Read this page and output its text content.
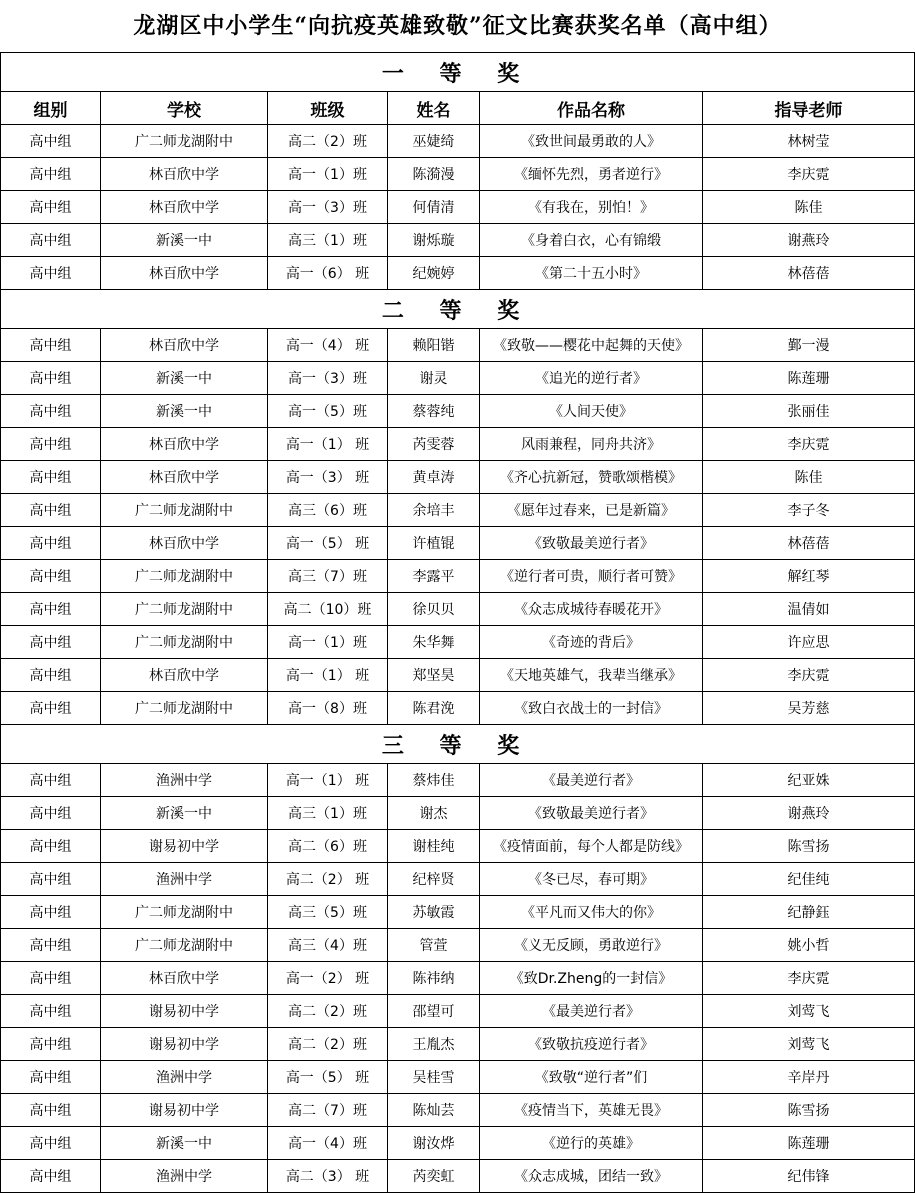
龙湖区中小学生“向抗疫英雄致敬”征文比赛获奖名单（高中组）
一 等 奖					
组别	学校	班级	姓名	作品名称	指导老师
高中组	广二师龙湖附中	高二（2）班	巫婕绮	《致世间最勇敢的人》	林树莹
高中组	林百欣中学	高一（1）班	陈漪漫	《缅怀先烈，勇者逆行》	李庆霓
高中组	林百欣中学	高一（3）班	何倩清	《有我在，别怕！》	陈佳
高中组	新溪一中	高三（1）班	谢烁璇	《身着白衣，心有锦缎	谢燕玲
高中组	林百欣中学	高一（6） 班	纪婉婷	《第二十五小时》	林蓓蓓
二 等 奖					
高中组	林百欣中学	高一（4） 班	赖阳锴	《致敬——樱花中起舞的天使》	鄞一漫
高中组	新溪一中	高一（3）班	谢灵	《追光的逆行者》	陈莲珊
高中组	新溪一中	高一（5）班	蔡蓉纯	《人间天使》	张丽佳
高中组	林百欣中学	高一（1） 班	芮雯蓉	风雨兼程，同舟共济》	李庆霓
高中组	林百欣中学	高一（3） 班	黄卓涛	《齐心抗新冠，赞歌颂楷模》	陈佳
高中组	广二师龙湖附中	高三（6）班	余培丰	《愿年过春来，已是新篇》	李子冬
高中组	林百欣中学	高一（5） 班	许植锟	《致敬最美逆行者》	林蓓蓓
高中组	广二师龙湖附中	高三（7）班	李露平	《逆行者可贵，顺行者可赞》	解红琴
高中组	广二师龙湖附中	高二（10）班	徐贝贝	《众志成城待春暖花开》	温倩如
高中组	广二师龙湖附中	高一（1）班	朱华舞	《奇迹的背后》	许应思
高中组	林百欣中学	高一（1） 班	郑坚昊	《天地英雄气，我辈当继承》	李庆霓
高中组	广二师龙湖附中	高一（8）班	陈君浼	《致白衣战士的一封信》	吴芳慈
三 等 奖					
高中组	渔洲中学	高一（1） 班	蔡炜佳	《最美逆行者》	纪亚姝
高中组	新溪一中	高三（1）班	谢杰	《致敬最美逆行者》	谢燕玲
高中组	谢易初中学	高二（6）班	谢桂纯	《疫情面前，每个人都是防线》	陈雪扬
高中组	渔洲中学	高二（2） 班	纪梓贤	《冬已尽，春可期》	纪佳纯
高中组	广二师龙湖附中	高三（5）班	苏敏霞	《平凡而又伟大的你》	纪静鈺
高中组	广二师龙湖附中	高三（4）班	管萱	《义无反顾，勇敢逆行》	姚小哲
高中组	林百欣中学	高一（2） 班	陈祎纳	《致Dr.Zheng的一封信》	李庆霓
高中组	谢易初中学	高二（2）班	邵望可	《最美逆行者》	刘莺飞
高中组	谢易初中学	高二（2）班	王胤杰	《致敬抗疫逆行者》	刘莺飞
高中组	渔洲中学	高一（5） 班	吴桂雪	《致敬“逆行者”们	辛岸丹
高中组	谢易初中学	高二（7）班	陈灿芸	《疫情当下，英雄无畏》	陈雪扬
高中组	新溪一中	高一（4）班	谢汝烨	《逆行的英雄》	陈莲珊
高中组	渔洲中学	高二（3） 班	芮奕虹	《众志成城，团结一致》	纪伟锋
